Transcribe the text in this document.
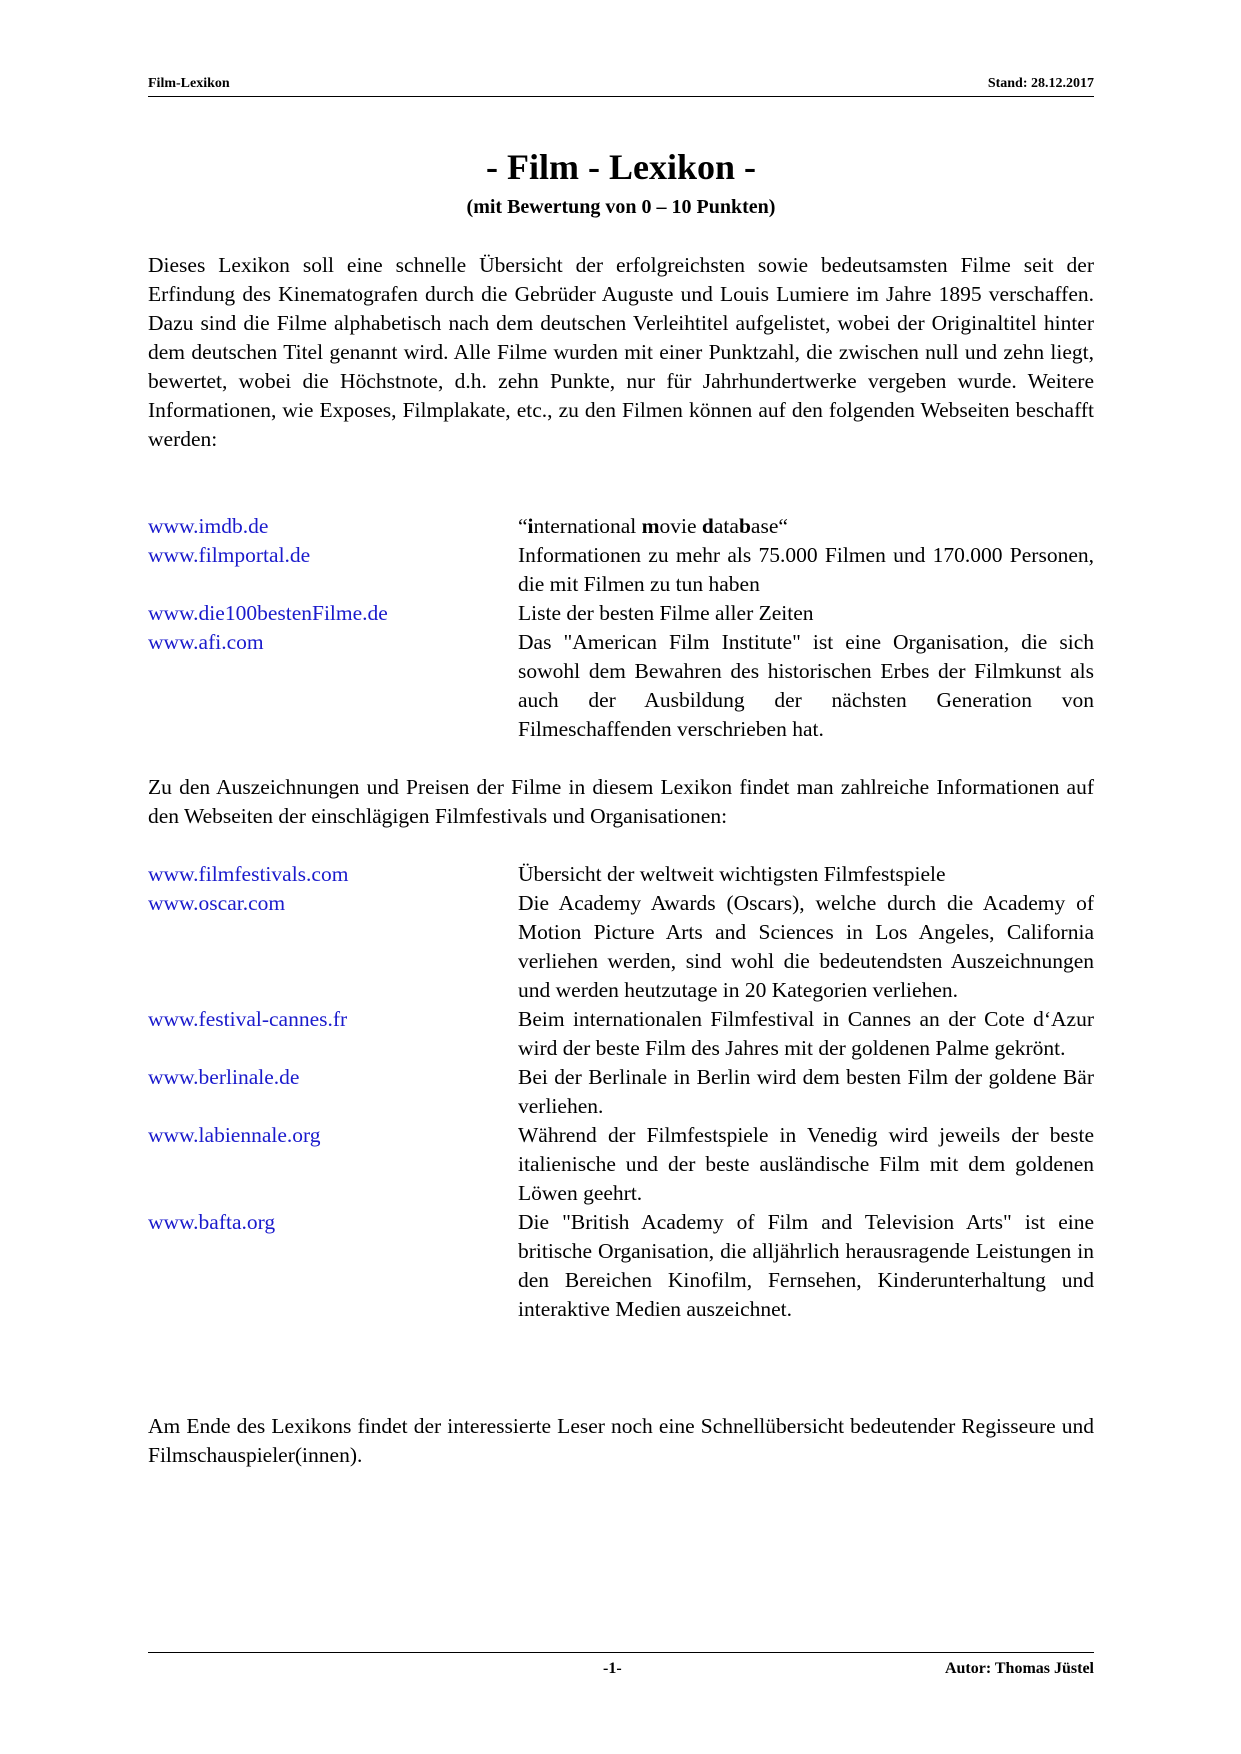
Film-Lexikon	Stand: 28.12.2017
- Film - Lexikon -
(mit Bewertung von 0 – 10 Punkten)
Dieses Lexikon soll eine schnelle Übersicht der erfolgreichsten sowie bedeutsamsten Filme seit der Erfindung des Kinematografen durch die Gebrüder Auguste und Louis Lumiere im Jahre 1895 verschaffen. Dazu sind die Filme alphabetisch nach dem deutschen Verleihtitel aufgelistet, wobei der Originaltitel hinter dem deutschen Titel genannt wird. Alle Filme wurden mit einer Punktzahl, die zwischen null und zehn liegt, bewertet, wobei die Höchstnote, d.h. zehn Punkte, nur für Jahrhundertwerke vergeben wurde. Weitere Informationen, wie Exposes, Filmplakate, etc., zu den Filmen können auf den folgenden Webseiten beschafft werden:
www.imdb.de	“international movie database“
www.filmportal.de	Informationen zu mehr als 75.000 Filmen und 170.000 Personen, die mit Filmen zu tun haben
www.die100bestenFilme.de	Liste der besten Filme aller Zeiten
www.afi.com	Das "American Film Institute" ist eine Organisation, die sich sowohl dem Bewahren des historischen Erbes der Filmkunst als auch der Ausbildung der nächsten Generation von Filmeschaffenden verschrieben hat.
Zu den Auszeichnungen und Preisen der Filme in diesem Lexikon findet man zahlreiche Informationen auf den Webseiten der einschlägigen Filmfestivals und Organisationen:
www.filmfestivals.com	Übersicht der weltweit wichtigsten Filmfestspiele
www.oscar.com	Die Academy Awards (Oscars), welche durch die Academy of Motion Picture Arts and Sciences in Los Angeles, California verliehen werden, sind wohl die bedeutendsten Auszeichnungen und werden heutzutage in 20 Kategorien verliehen.
www.festival-cannes.fr	Beim internationalen Filmfestival in Cannes an der Cote d‘Azur wird der beste Film des Jahres mit der goldenen Palme gekrönt.
www.berlinale.de	Bei der Berlinale in Berlin wird dem besten Film der goldene Bär verliehen.
www.labiennale.org	Während der Filmfestspiele in Venedig wird jeweils der beste italienische und der beste ausländische Film mit dem goldenen Löwen geehrt.
www.bafta.org	Die "British Academy of Film and Television Arts" ist eine britische Organisation, die alljährlich herausragende Leistungen in den Bereichen Kinofilm, Fernsehen, Kinderunterhaltung und interaktive Medien auszeichnet.
Am Ende des Lexikons findet der interessierte Leser noch eine Schnellübersicht bedeutender Regisseure und Filmschauspieler(innen).
-1-	Autor: Thomas Jüstel
